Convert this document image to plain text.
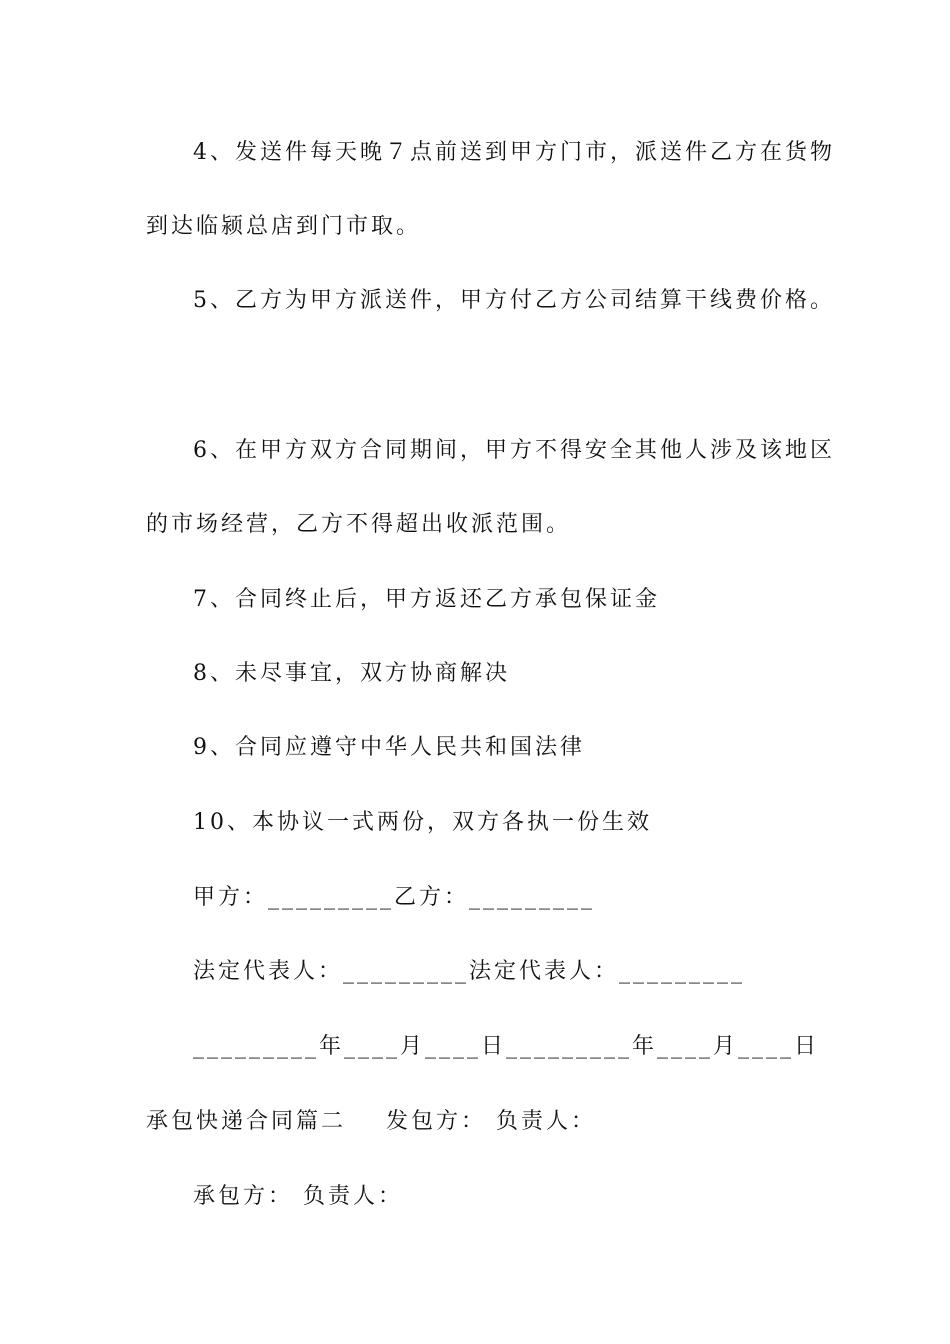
4、发送件每天晚７点前送到甲方门市，派送件乙方在货物
到达临颍总店到门市取。
5、乙方为甲方派送件，甲方付乙方公司结算干线费价格。
6、在甲方双方合同期间，甲方不得安全其他人涉及该地区
的市场经营，乙方不得超出收派范围。
7、合同终止后，甲方返还乙方承包保证金
8、未尽事宜，双方协商解决
9、合同应遵守中华人民共和国法律
10、本协议一式两份，双方各执一份生效
甲方：_________乙方：_________
法定代表人：_________法定代表人：_________
_________年____月____日_________年____月____日
承包快递合同篇二 发包方： 负责人：
承包方： 负责人：
